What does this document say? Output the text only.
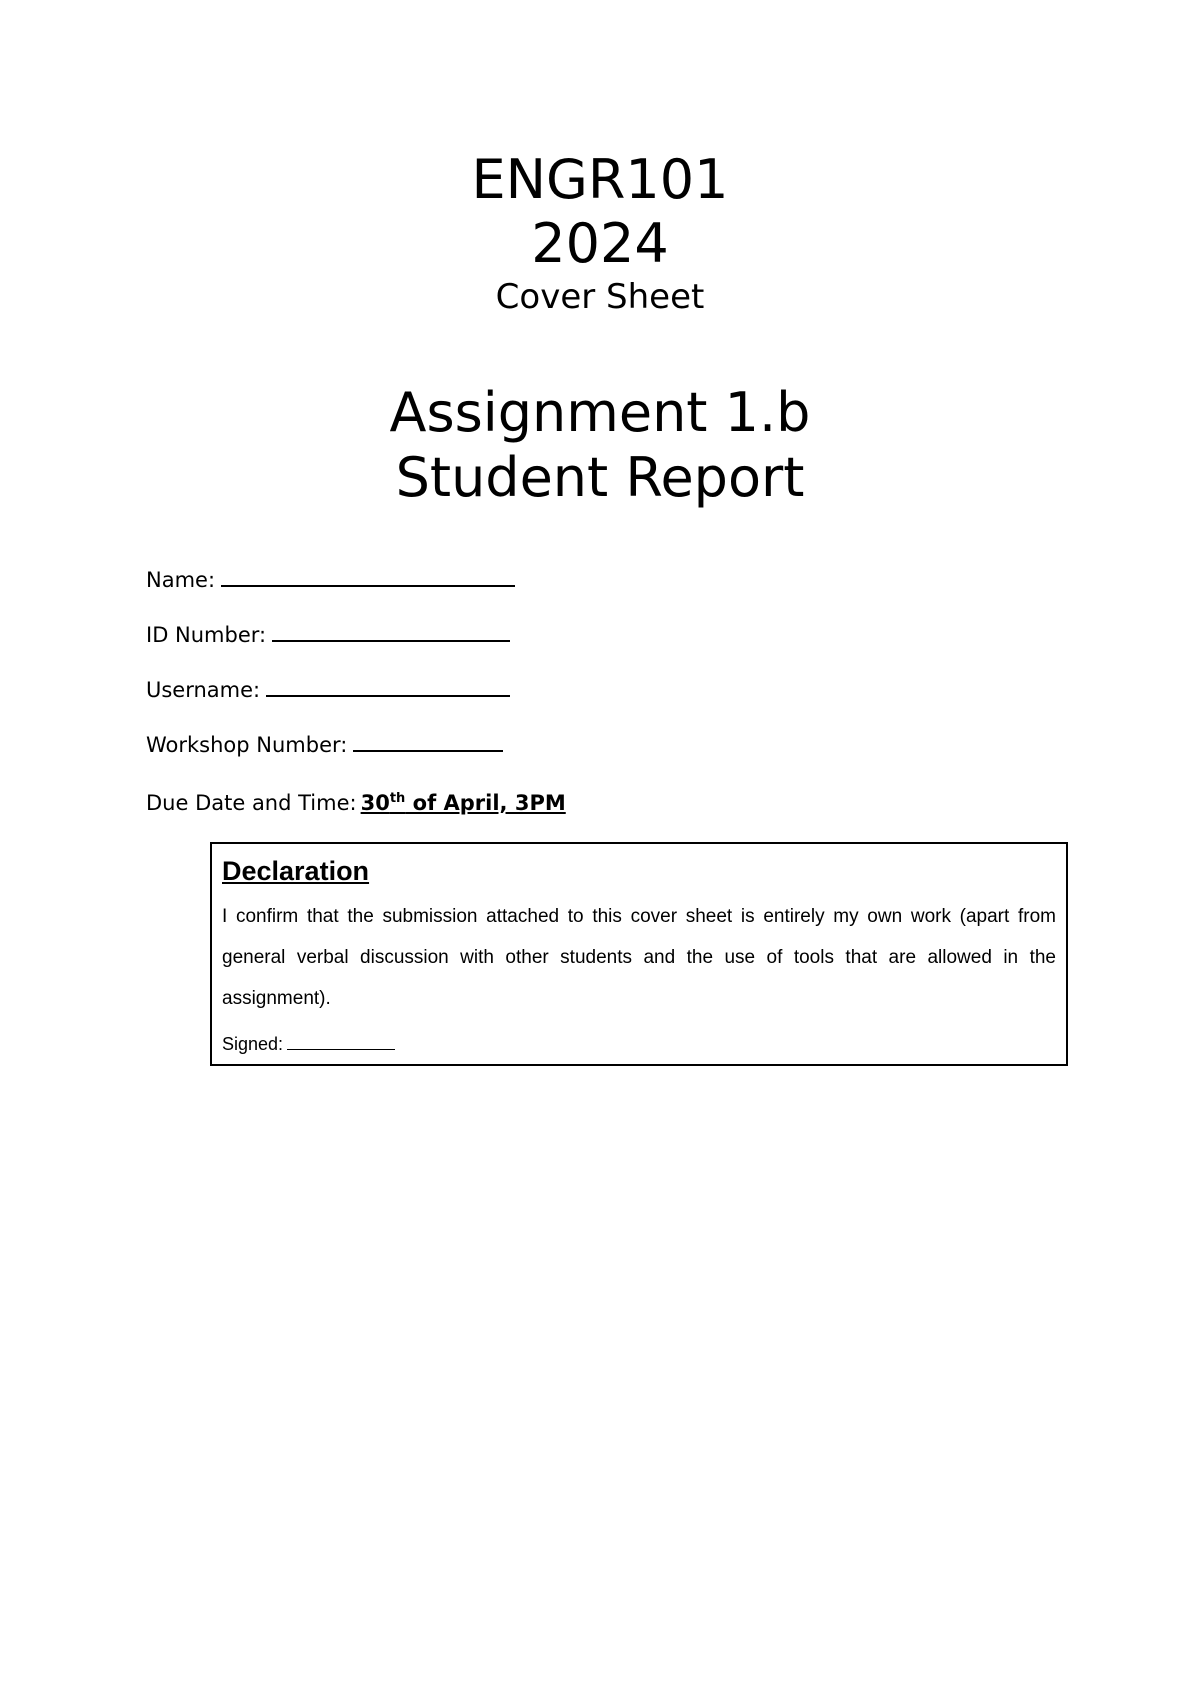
ENGR101
2024
Cover Sheet
Assignment 1.b
Student Report
Name:
ID Number:
Username:
Workshop Number:
Due Date and Time: 30th of April, 3PM
Declaration

I confirm that the submission attached to this cover sheet is entirely my own work (apart from general verbal discussion with other students and the use of tools that are allowed in the assignment).

Signed:
